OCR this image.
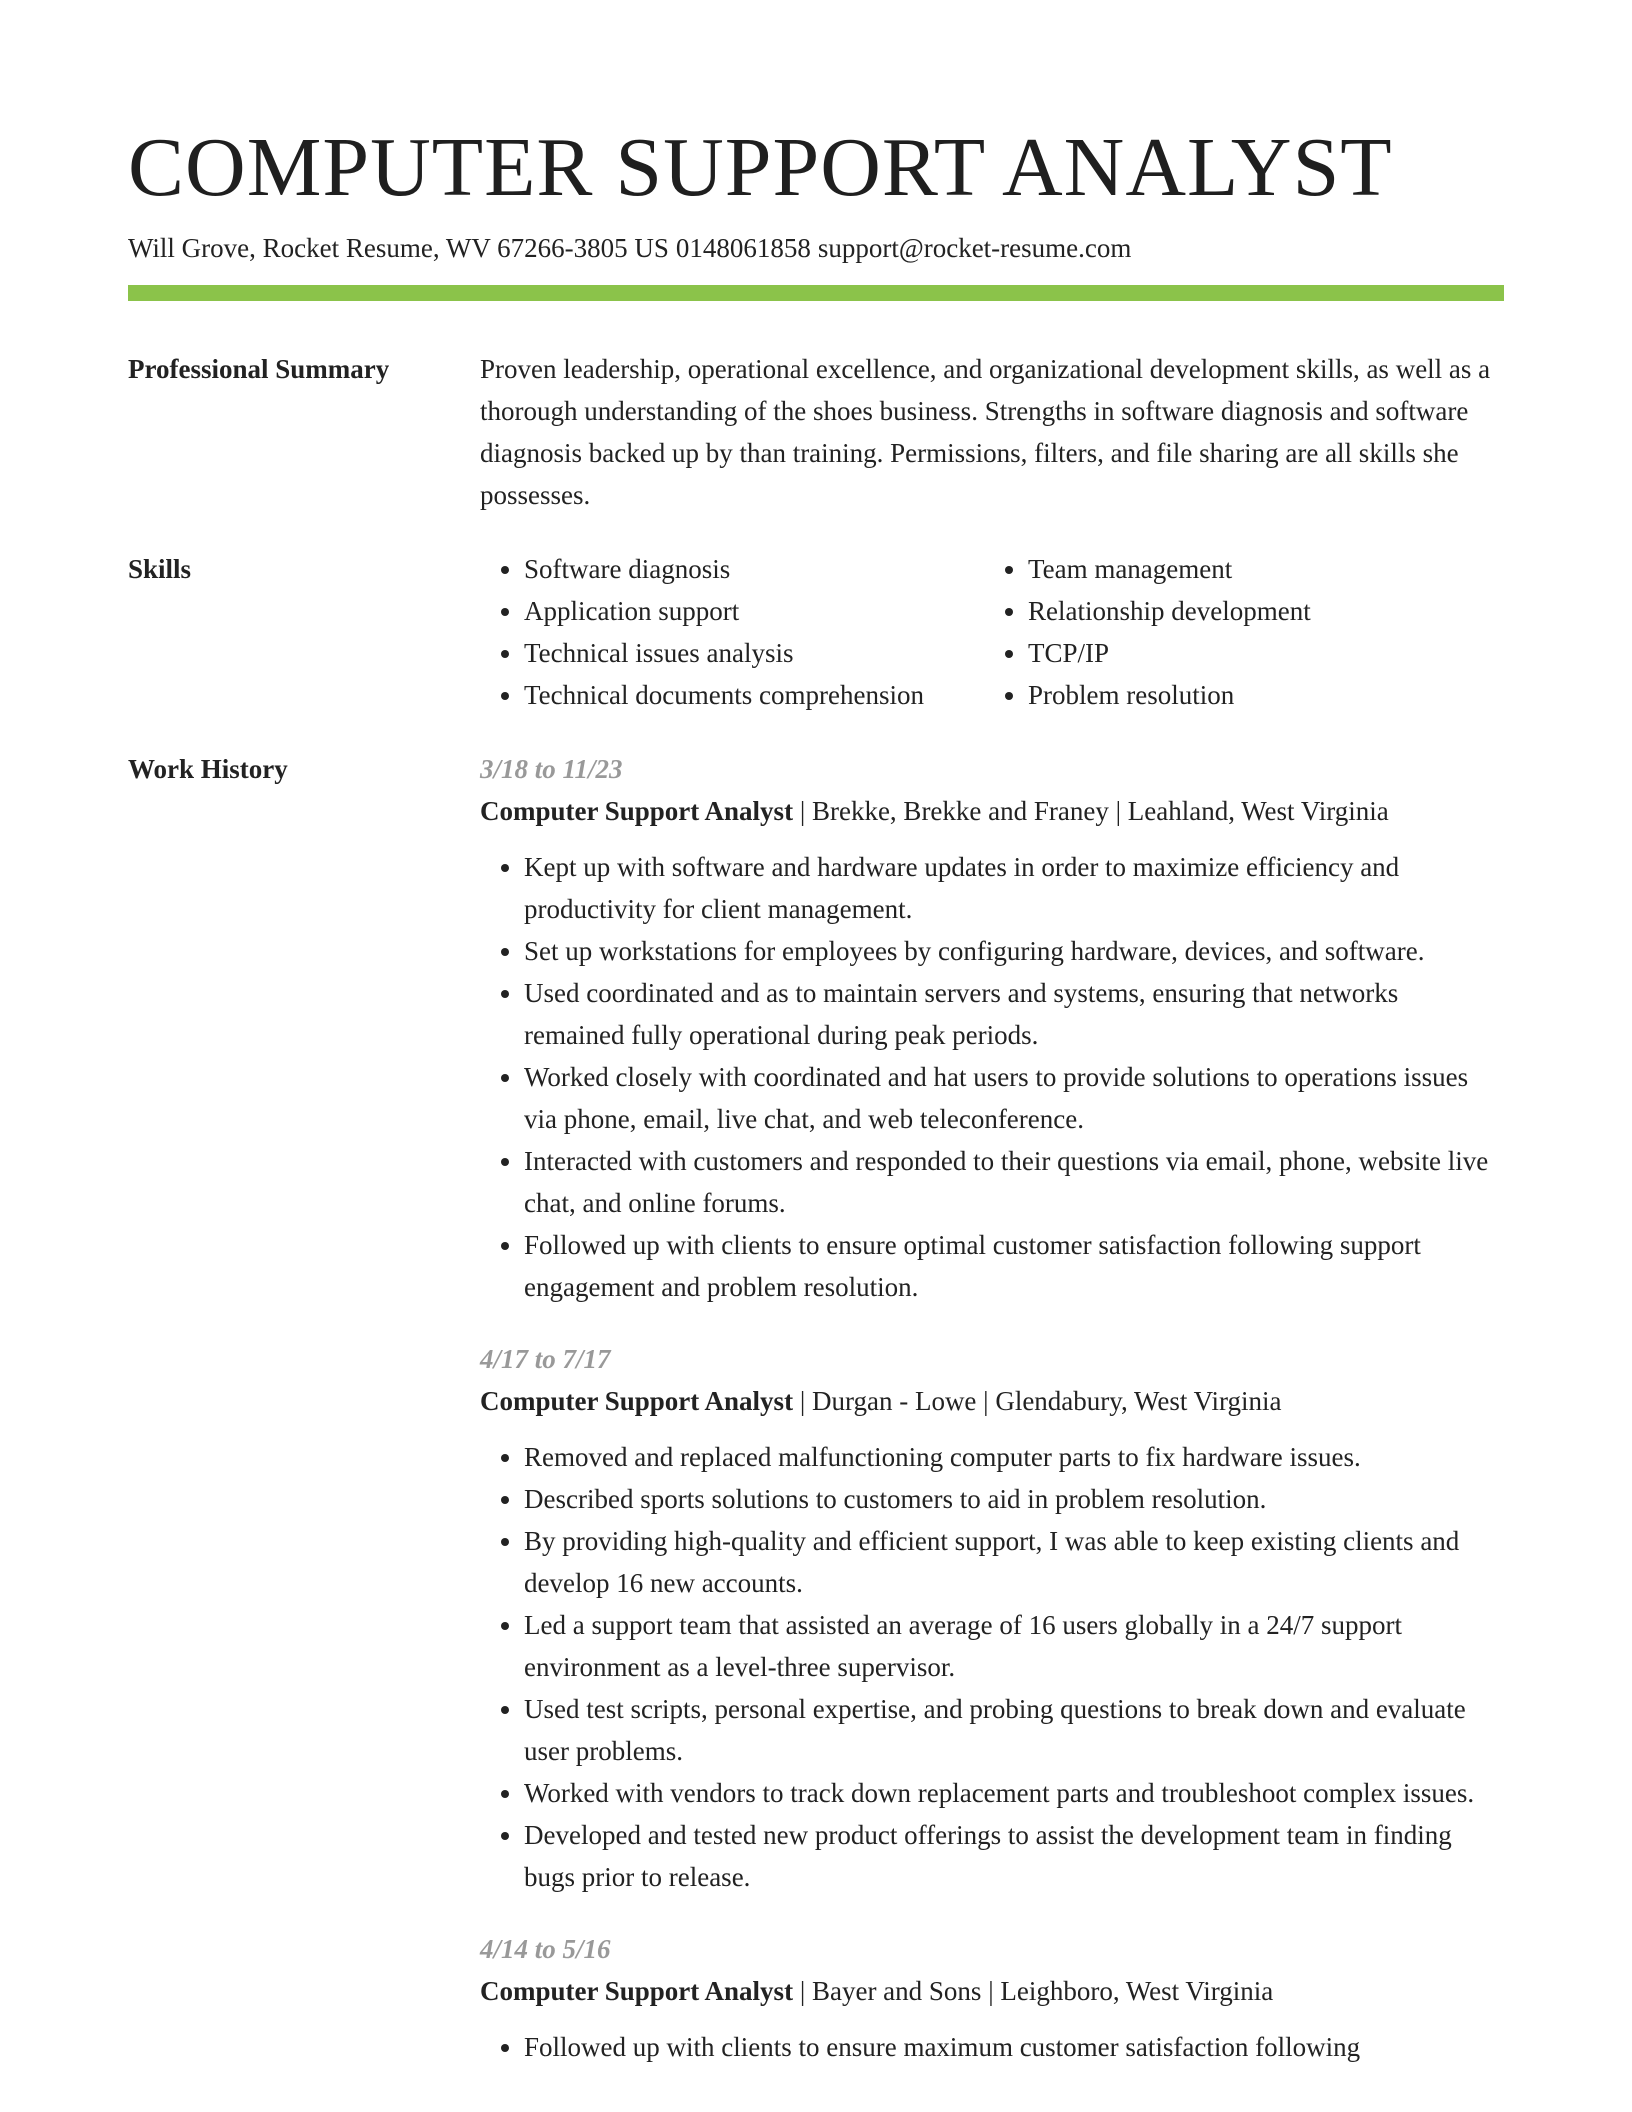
COMPUTER SUPPORT ANALYST
Will Grove, Rocket Resume, WV 67266-3805 US 0148061858 support@rocket-resume.com
Professional Summary	Proven leadership, operational excellence, and organizational development skills, as well as a thorough understanding of the shoes business. Strengths in software diagnosis and software diagnosis backed up by than training. Permissions, filters, and file sharing are all skills she possesses.

Skills
•	Software diagnosis
• Application support
• Technical issues analysis
• Technical documents comprehension
• Team management
• Relationship development
• TCP/IP
• Problem resolution
Work History	3/18 to 11/23
Computer Support Analyst | Brekke, Brekke and Franey | Leahland, West Virginia
• Kept up with software and hardware updates in order to maximize efficiency and productivity for client management.
• Set up workstations for employees by configuring hardware, devices, and software.
• Used coordinated and as to maintain servers and systems, ensuring that networks remained fully operational during peak periods.
• Worked closely with coordinated and hat users to provide solutions to operations issues via phone, email, live chat, and web teleconference.
• Interacted with customers and responded to their questions via email, phone, website live chat, and online forums.
• Followed up with clients to ensure optimal customer satisfaction following support engagement and problem resolution.
4/17 to 7/17
Computer Support Analyst | Durgan - Lowe | Glendabury, West Virginia
• Removed and replaced malfunctioning computer parts to fix hardware issues.
• Described sports solutions to customers to aid in problem resolution.
• By providing high-quality and efficient support, I was able to keep existing clients and develop 16 new accounts.
• Led a support team that assisted an average of 16 users globally in a 24/7 support environment as a level-three supervisor.
• Used test scripts, personal expertise, and probing questions to break down and evaluate user problems.
• Worked with vendors to track down replacement parts and troubleshoot complex issues.
• Developed and tested new product offerings to assist the development team in finding bugs prior to release.
4/14 to 5/16
Computer Support Analyst | Bayer and Sons | Leighboro, West Virginia
• Followed up with clients to ensure maximum customer satisfaction following
